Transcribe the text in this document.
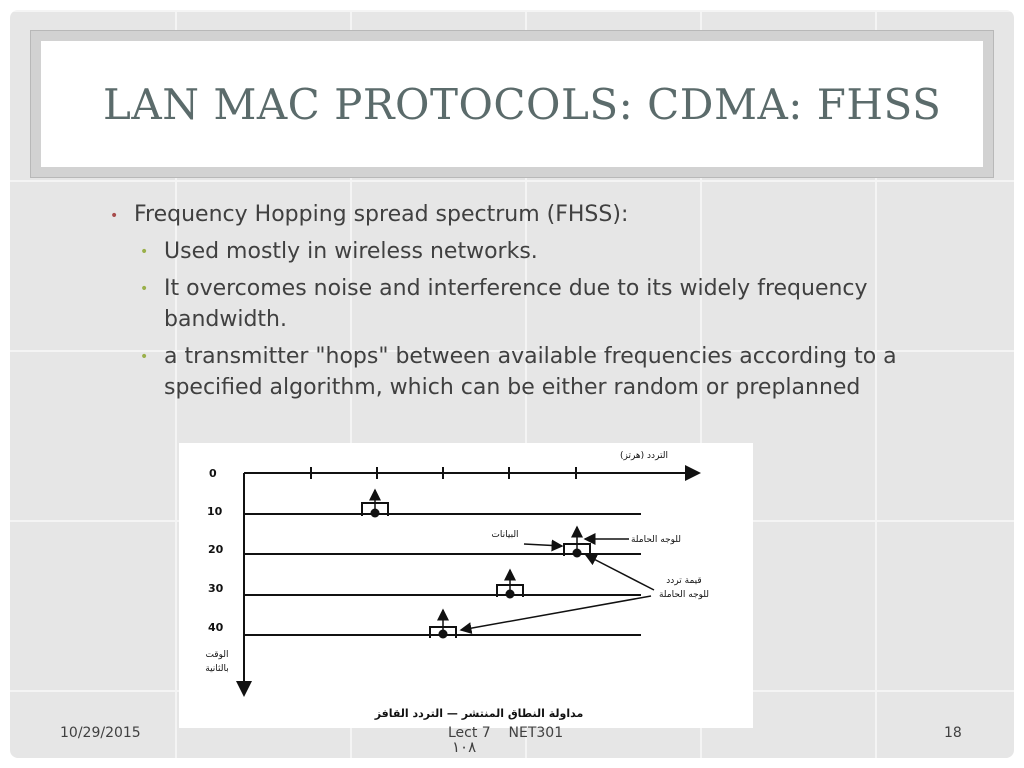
LAN MAC PROTOCOLS: CDMA: FHSS
• Frequency Hopping spread spectrum (FHSS):
• Used mostly in wireless networks.
• It overcomes noise and interference due to its widely frequency bandwidth.
• a transmitter "hops" between available frequencies according to a specified algorithm, which can be either random or preplanned
0
10
20
30
40
التردد (هرتز)
البيانات	للوجه الحاملة
قيمة تردد
للوجه الحاملة
الوقت
بالثانية
مداولة النطاق المنتشر — التردد القافز
10/29/2015	Lect 7    NET301
١٠٨
18
